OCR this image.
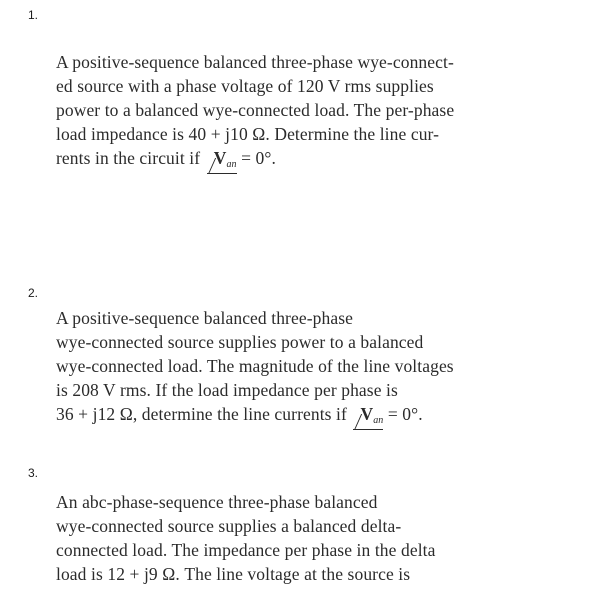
1.
A positive-sequence balanced three-phase wye-connect-
ed source with a phase voltage of 120 V rms supplies
power to a balanced wye-connected load. The per-phase
load impedance is 40 + j10 Ω. Determine the line cur-
rents in the circuit if $V_{an} = 0^\circ$.
2.
A positive-sequence balanced three-phase
wye-connected source supplies power to a balanced
wye-connected load. The magnitude of the line voltages
is 208 V rms. If the load impedance per phase is
36 + j12 Ω, determine the line currents if $V_{an} = 0^\circ$.
3.
An abc-phase-sequence three-phase balanced
wye-connected source supplies a balanced delta-
connected load. The impedance per phase in the delta
load is 12 + j9 Ω. The line voltage at the source is
